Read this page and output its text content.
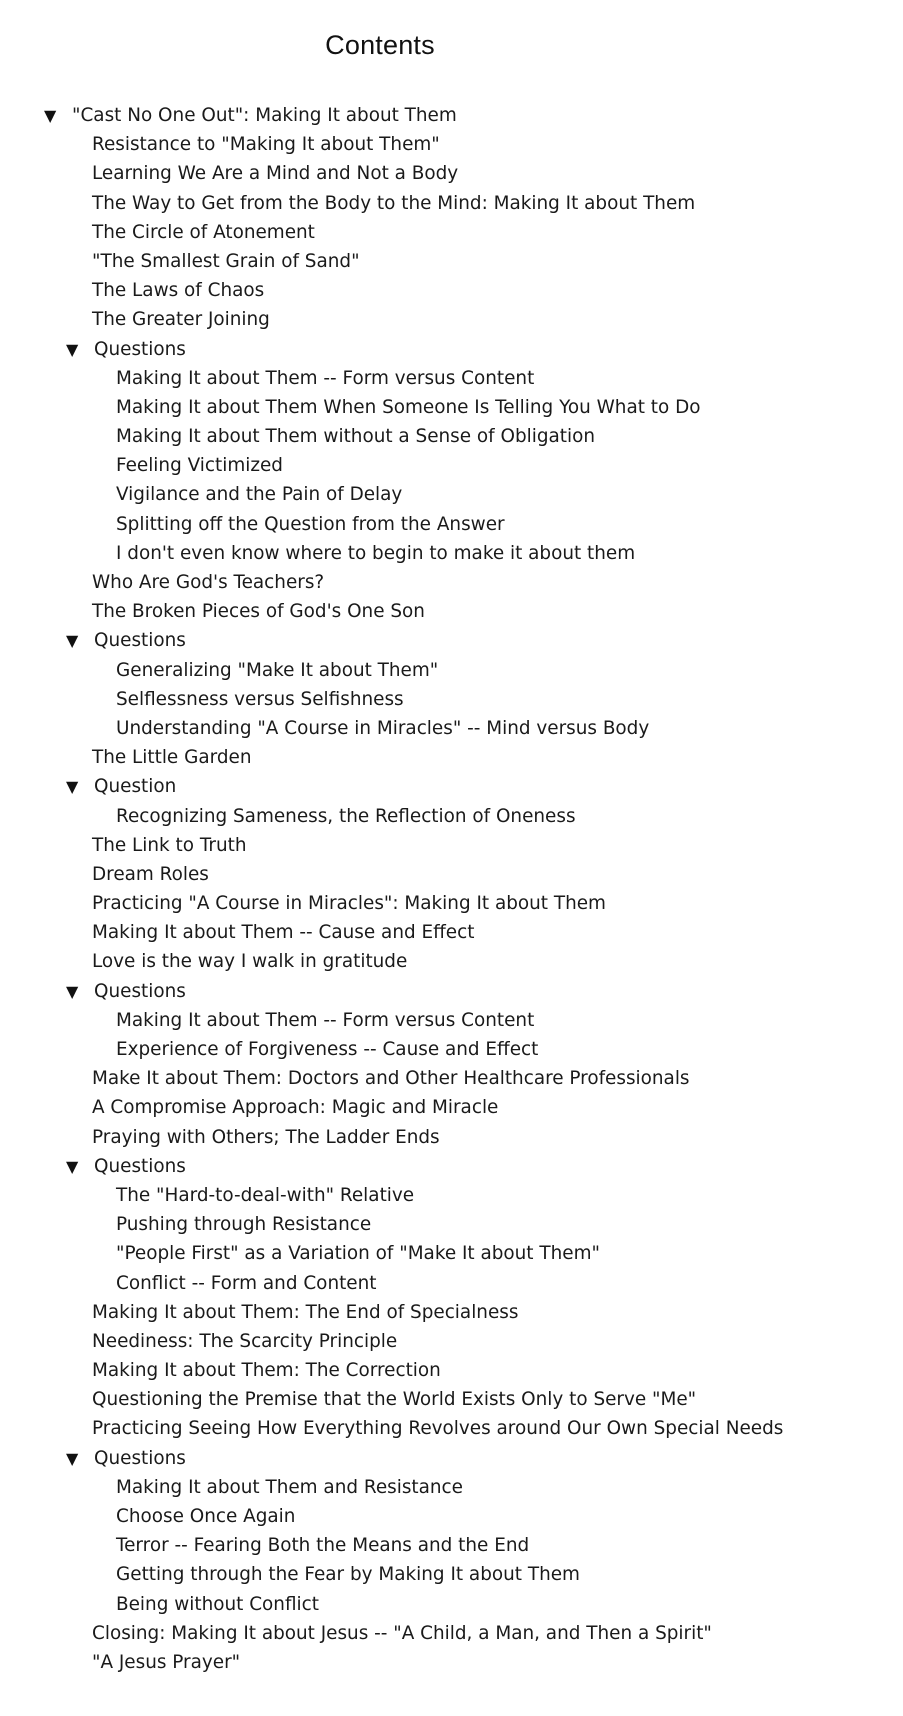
Contents
▼ "Cast No One Out": Making It about Them
Resistance to "Making It about Them"
Learning We Are a Mind and Not a Body
The Way to Get from the Body to the Mind: Making It about Them
The Circle of Atonement
"The Smallest Grain of Sand"
The Laws of Chaos
The Greater Joining
▼ Questions
Making It about Them -- Form versus Content
Making It about Them When Someone Is Telling You What to Do
Making It about Them without a Sense of Obligation
Feeling Victimized
Vigilance and the Pain of Delay
Splitting off the Question from the Answer
I don't even know where to begin to make it about them
Who Are God's Teachers?
The Broken Pieces of God's One Son
▼ Questions
Generalizing "Make It about Them"
Selflessness versus Selfishness
Understanding "A Course in Miracles" -- Mind versus Body
The Little Garden
▼ Question
Recognizing Sameness, the Reflection of Oneness
The Link to Truth
Dream Roles
Practicing "A Course in Miracles": Making It about Them
Making It about Them -- Cause and Effect
Love is the way I walk in gratitude
▼ Questions
Making It about Them -- Form versus Content
Experience of Forgiveness -- Cause and Effect
Make It about Them: Doctors and Other Healthcare Professionals
A Compromise Approach: Magic and Miracle
Praying with Others; The Ladder Ends
▼ Questions
The "Hard-to-deal-with" Relative
Pushing through Resistance
"People First" as a Variation of "Make It about Them"
Conflict -- Form and Content
Making It about Them: The End of Specialness
Neediness: The Scarcity Principle
Making It about Them: The Correction
Questioning the Premise that the World Exists Only to Serve "Me"
Practicing Seeing How Everything Revolves around Our Own Special Needs
▼ Questions
Making It about Them and Resistance
Choose Once Again
Terror -- Fearing Both the Means and the End
Getting through the Fear by Making It about Them
Being without Conflict
Closing: Making It about Jesus -- "A Child, a Man, and Then a Spirit"
"A Jesus Prayer"
